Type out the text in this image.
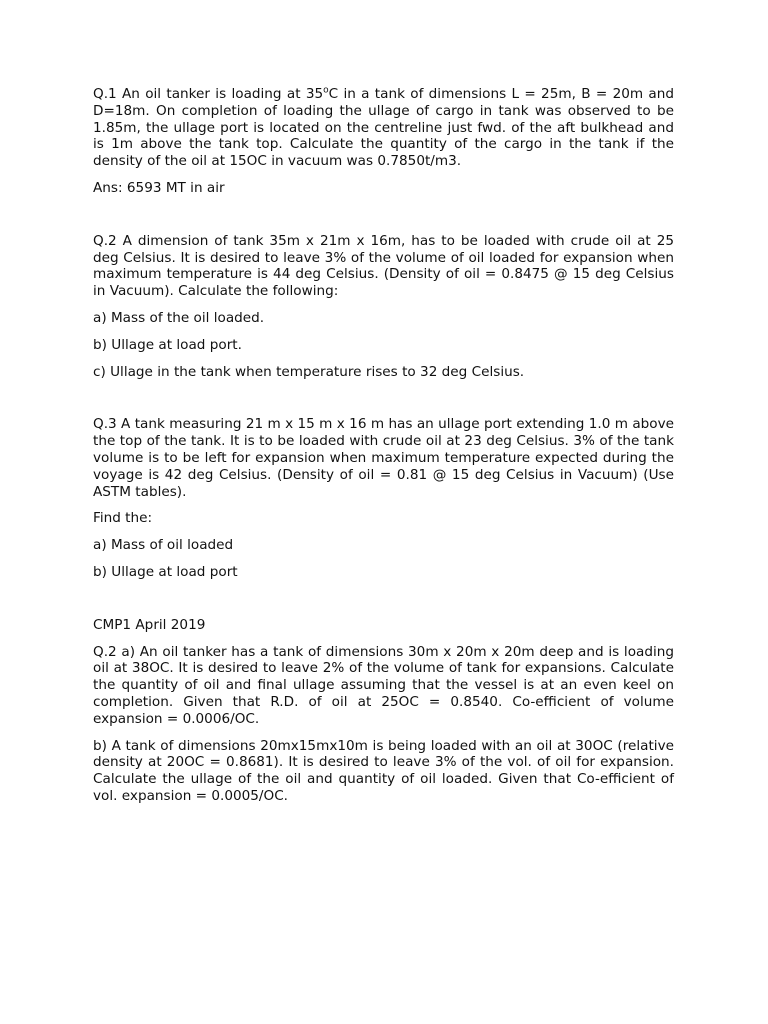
Q.1 An oil tanker is loading at 35$^o$C in a tank of dimensions L = 25m, B = 20m and D=18m. On completion of loading the ullage of cargo in tank was observed to be 1.85m, the ullage port is located on the centreline just fwd. of the aft bulkhead and is 1m above the tank top. Calculate the quantity of the cargo in the tank if the density of the oil at 15OC in vacuum was 0.7850t/m3.

Ans: 6593 MT in air

Q.2 A dimension of tank 35m x 21m x 16m, has to be loaded with crude oil at 25 deg Celsius. It is desired to leave 3% of the volume of oil loaded for expansion when maximum temperature is 44 deg Celsius. (Density of oil = 0.8475 @ 15 deg Celsius in Vacuum). Calculate the following:

a) Mass of the oil loaded.

b) Ullage at load port.

c) Ullage in the tank when temperature rises to 32 deg Celsius.

Q.3 A tank measuring 21 m x 15 m x 16 m has an ullage port extending 1.0 m above the top of the tank. It is to be loaded with crude oil at 23 deg Celsius. 3% of the tank volume is to be left for expansion when maximum temperature expected during the voyage is 42 deg Celsius. (Density of oil = 0.81 @ 15 deg Celsius in Vacuum) (Use ASTM tables).

Find the:

a) Mass of oil loaded

b) Ullage at load port

CMP1 April 2019

Q.2 a) An oil tanker has a tank of dimensions 30m x 20m x 20m deep and is loading oil at 38OC. It is desired to leave 2% of the volume of tank for expansions. Calculate the quantity of oil and final ullage assuming that the vessel is at an even keel on completion. Given that R.D. of oil at 25OC = 0.8540. Co-efficient of volume expansion = 0.0006/OC.

b) A tank of dimensions 20mx15mx10m is being loaded with an oil at 30OC (relative density at 20OC = 0.8681). It is desired to leave 3% of the vol. of oil for expansion. Calculate the ullage of the oil and quantity of oil loaded. Given that Co-efficient of vol. expansion = 0.0005/OC.
